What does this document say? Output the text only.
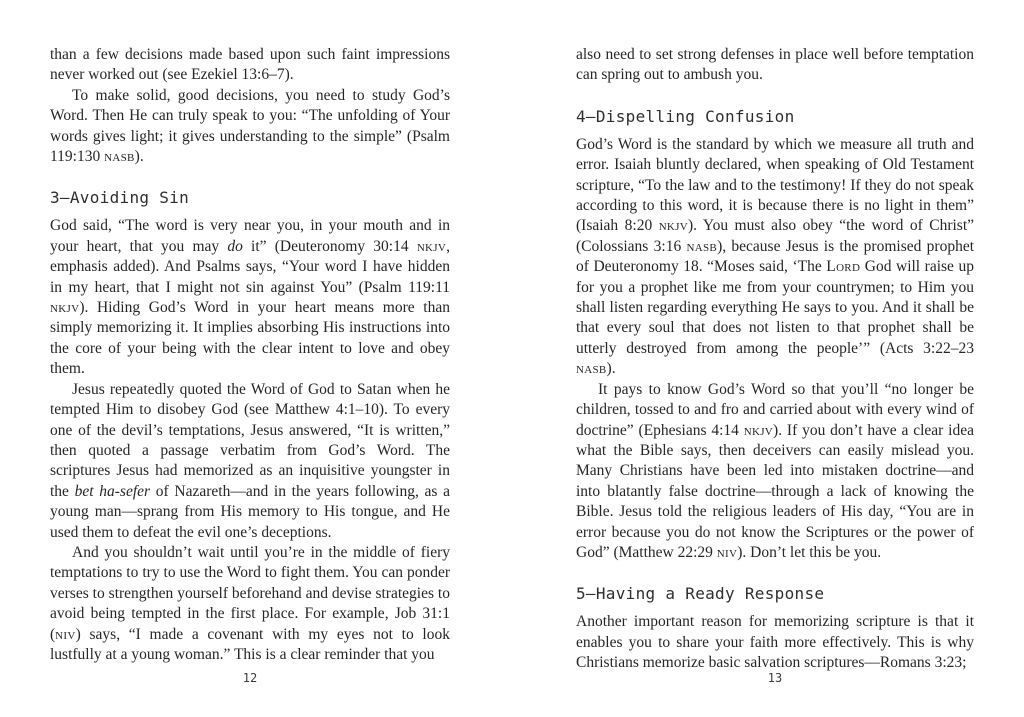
than a few decisions made based upon such faint impressions never worked out (see Ezekiel 13:6–7).

To make solid, good decisions, you need to study God’s Word. Then He can truly speak to you: “The unfolding of Your words gives light; it gives understanding to the simple” (Psalm 119:130 nasb).

3–Avoiding Sin

God said, “The word is very near you, in your mouth and in your heart, that you may do it” (Deuteronomy 30:14 nkjv, emphasis added). And Psalms says, “Your word I have hidden in my heart, that I might not sin against You” (Psalm 119:11 nkjv). Hiding God’s Word in your heart means more than simply memorizing it. It implies absorbing His instructions into the core of your being with the clear intent to love and obey them.

Jesus repeatedly quoted the Word of God to Satan when he tempted Him to disobey God (see Matthew 4:1–10). To every one of the devil’s temptations, Jesus answered, “It is written,” then quoted a passage verbatim from God’s Word. The scriptures Jesus had memorized as an inquisitive youngster in the bet ha-sefer of Nazareth—and in the years following, as a young man—sprang from His memory to His tongue, and He used them to defeat the evil one’s deceptions.

And you shouldn’t wait until you’re in the middle of fiery temptations to try to use the Word to fight them. You can ponder verses to strengthen yourself beforehand and devise strategies to avoid being tempted in the first place. For example, Job 31:1 (niv) says, “I made a covenant with my eyes not to look lustfully at a young woman.” This is a clear reminder that you

12

also need to set strong defenses in place well before temptation can spring out to ambush you.

4–Dispelling Confusion

God’s Word is the standard by which we measure all truth and error. Isaiah bluntly declared, when speaking of Old Testament scripture, “To the law and to the testimony! If they do not speak according to this word, it is because there is no light in them” (Isaiah 8:20 nkjv). You must also obey “the word of Christ” (Colossians 3:16 nasb), because Jesus is the promised prophet of Deuteronomy 18. “Moses said, ‘The Lord God will raise up for you a prophet like me from your countrymen; to Him you shall listen regarding everything He says to you. And it shall be that every soul that does not listen to that prophet shall be utterly destroyed from among the people’” (Acts 3:22–23 nasb).

It pays to know God’s Word so that you’ll “no longer be children, tossed to and fro and carried about with every wind of doctrine” (Ephesians 4:14 nkjv). If you don’t have a clear idea what the Bible says, then deceivers can easily mislead you. Many Christians have been led into mistaken doctrine—and into blatantly false doctrine—through a lack of knowing the Bible. Jesus told the religious leaders of His day, “You are in error because you do not know the Scriptures or the power of God” (Matthew 22:29 niv). Don’t let this be you.

5–Having a Ready Response

Another important reason for memorizing scripture is that it enables you to share your faith more effectively. This is why Christians memorize basic salvation scriptures—Romans 3:23;

13
